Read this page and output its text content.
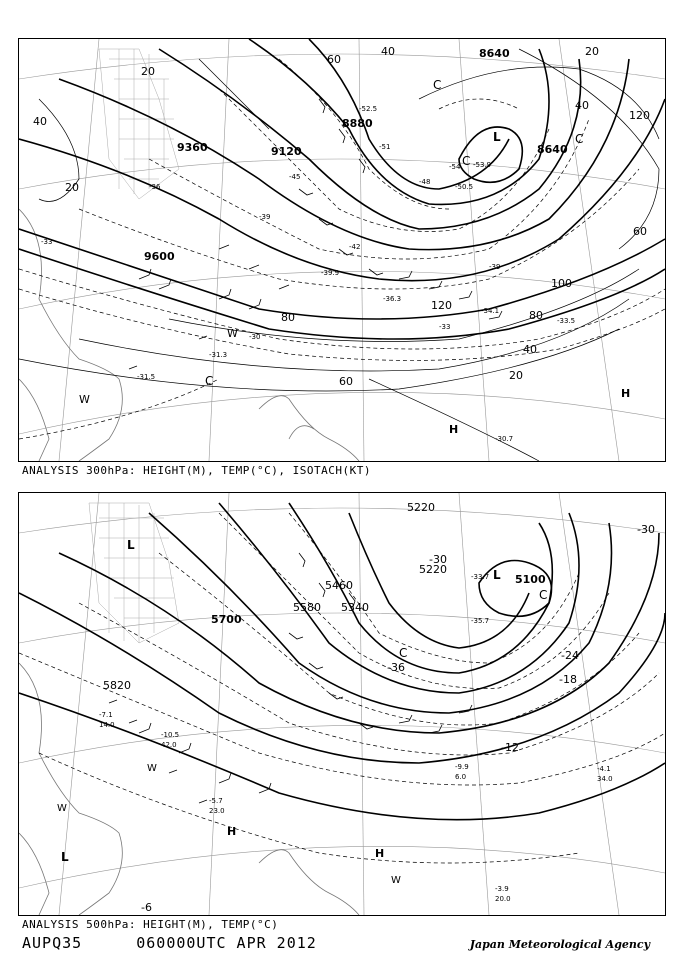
8640
8640
8880
9120
9360
9600
20
40
60
80
100
120
120
80
60
40
20
40
60
20
40
20
-33
-39
-45
-51
-36
-42
-48
-54
-30
-33
-39
-30.7
-31.5
-31.3
-34.1
-33.5
-36.3
-39.9
-50.5
-53.9
-52.5
L
C
C
C
C
W
W
H
H
ANALYSIS 300hPa: HEIGHT(M), TEMP(°C), ISOTACH(KT)
5100
5220
5220
5340
5460
5580
5700
5820
-30
-36
-24
-18
-12
-30
-6
-3.9
20.0
-4.1
34.0
-5.7
23.0
-7.1
14.0
-9.9
6.0
-10.5
42.0
-33.7
-35.7
L
L
L
C
C
W
W
W
H
H
ANALYSIS 500hPa: HEIGHT(M), TEMP(°C)
AUPQ35	060000UTC APR 2012	Japan Meteorological Agency
